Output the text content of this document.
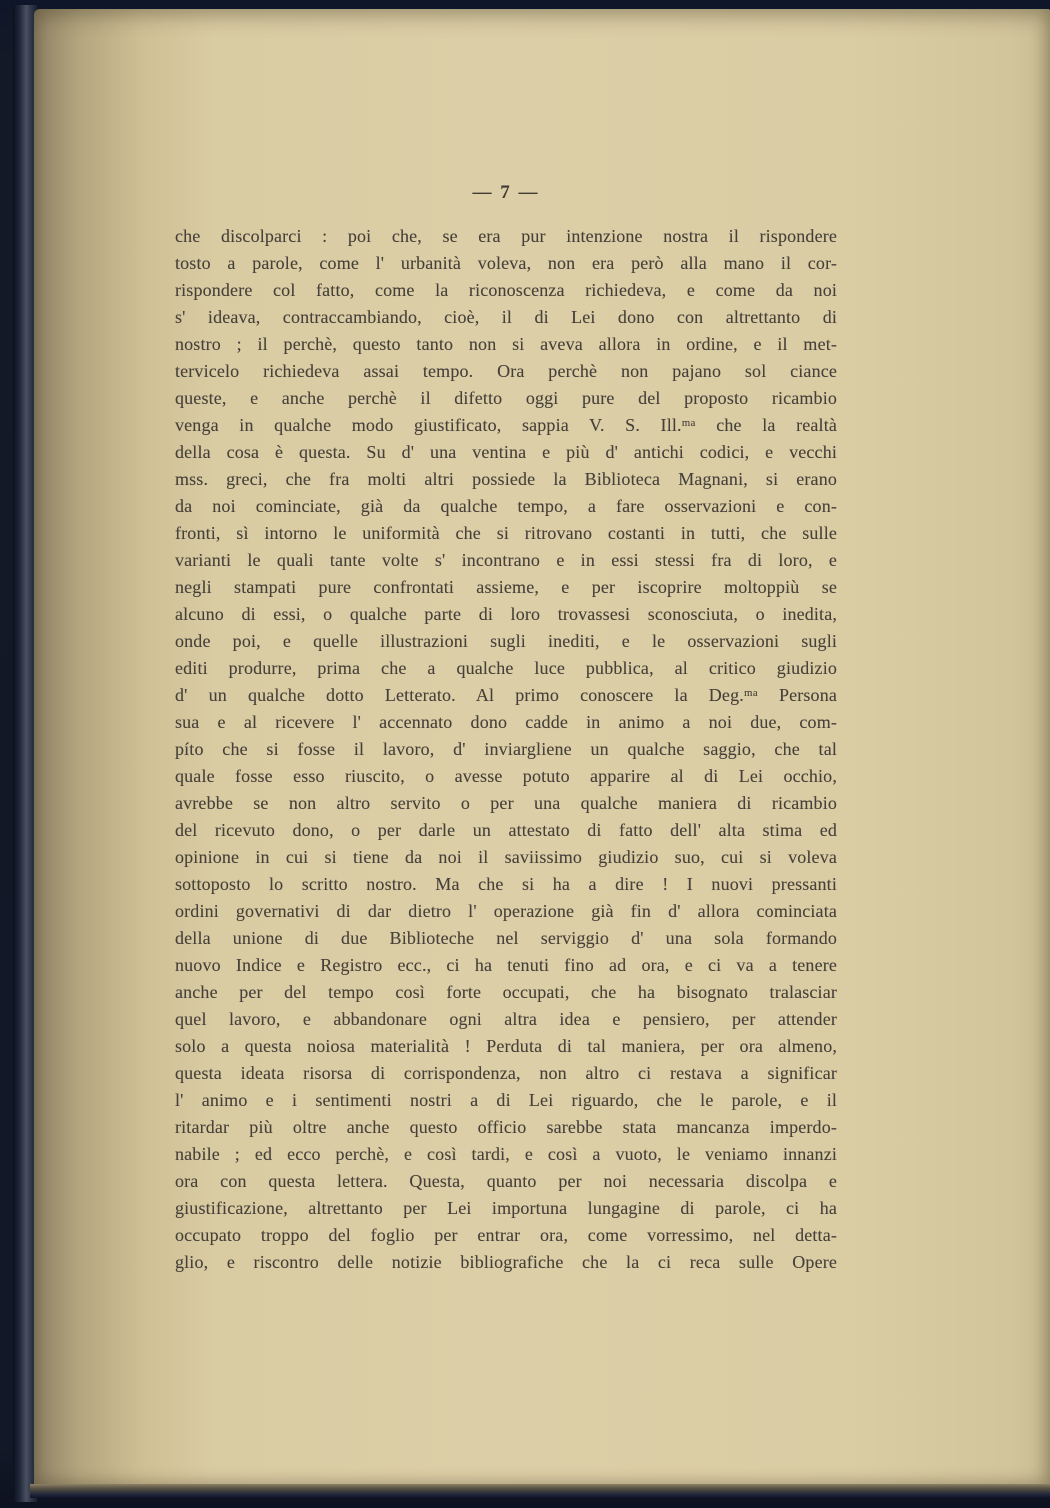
— 7 —
che discolparci : poi che, se era pur intenzione nostra il rispondere
tosto a parole, come l' urbanità voleva, non era però alla mano il cor-
rispondere col fatto, come la riconoscenza richiedeva, e come da noi
s' ideava, contraccambiando, cioè, il di Lei dono con altrettanto di
nostro ; il perchè, questo tanto non si aveva allora in ordine, e il met-
tervicelo richiedeva assai tempo. Ora perchè non pajano sol ciance
queste, e anche perchè il difetto oggi pure del proposto ricambio
venga in qualche modo giustificato, sappia V. S. Ill.ᵐᵃ che la realtà
della cosa è questa. Su d' una ventina e più d' antichi codici, e vecchi
mss. greci, che fra molti altri possiede la Biblioteca Magnani, si erano
da noi cominciate, già da qualche tempo, a fare osservazioni e con-
fronti, sì intorno le uniformità che si ritrovano costanti in tutti, che sulle
varianti le quali tante volte s' incontrano e in essi stessi fra di loro, e
negli stampati pure confrontati assieme, e per iscoprire moltoppiù se
alcuno di essi, o qualche parte di loro trovassesi sconosciuta, o inedita,
onde poi, e quelle illustrazioni sugli inediti, e le osservazioni sugli
editi produrre, prima che a qualche luce pubblica, al critico giudizio
d' un qualche dotto Letterato. Al primo conoscere la Deg.ᵐᵃ Persona
sua e al ricevere l' accennato dono cadde in animo a noi due, com-
píto che si fosse il lavoro, d' inviargliene un qualche saggio, che tal
quale fosse esso riuscito, o avesse potuto apparire al di Lei occhio,
avrebbe se non altro servito o per una qualche maniera di ricambio
del ricevuto dono, o per darle un attestato di fatto dell' alta stima ed
opinione in cui si tiene da noi il saviissimo giudizio suo, cui si voleva
sottoposto lo scritto nostro. Ma che si ha a dire ! I nuovi pressanti
ordini governativi di dar dietro l' operazione già fin d' allora cominciata
della unione di due Biblioteche nel serviggio d' una sola formando
nuovo Indice e Registro ecc., ci ha tenuti fino ad ora, e ci va a tenere
anche per del tempo così forte occupati, che ha bisognato tralasciar
quel lavoro, e abbandonare ogni altra idea e pensiero, per attender
solo a questa noiosa materialità ! Perduta di tal maniera, per ora almeno,
questa ideata risorsa di corrispondenza, non altro ci restava a significar
l' animo e i sentimenti nostri a di Lei riguardo, che le parole, e il
ritardar più oltre anche questo officio sarebbe stata mancanza imperdo-
nabile ; ed ecco perchè, e così tardi, e così a vuoto, le veniamo innanzi
ora con questa lettera. Questa, quanto per noi necessaria discolpa e
giustificazione, altrettanto per Lei importuna lungagine di parole, ci ha
occupato troppo del foglio per entrar ora, come vorressimo, nel detta-
glio, e riscontro delle notizie bibliografiche che la ci reca sulle Opere
